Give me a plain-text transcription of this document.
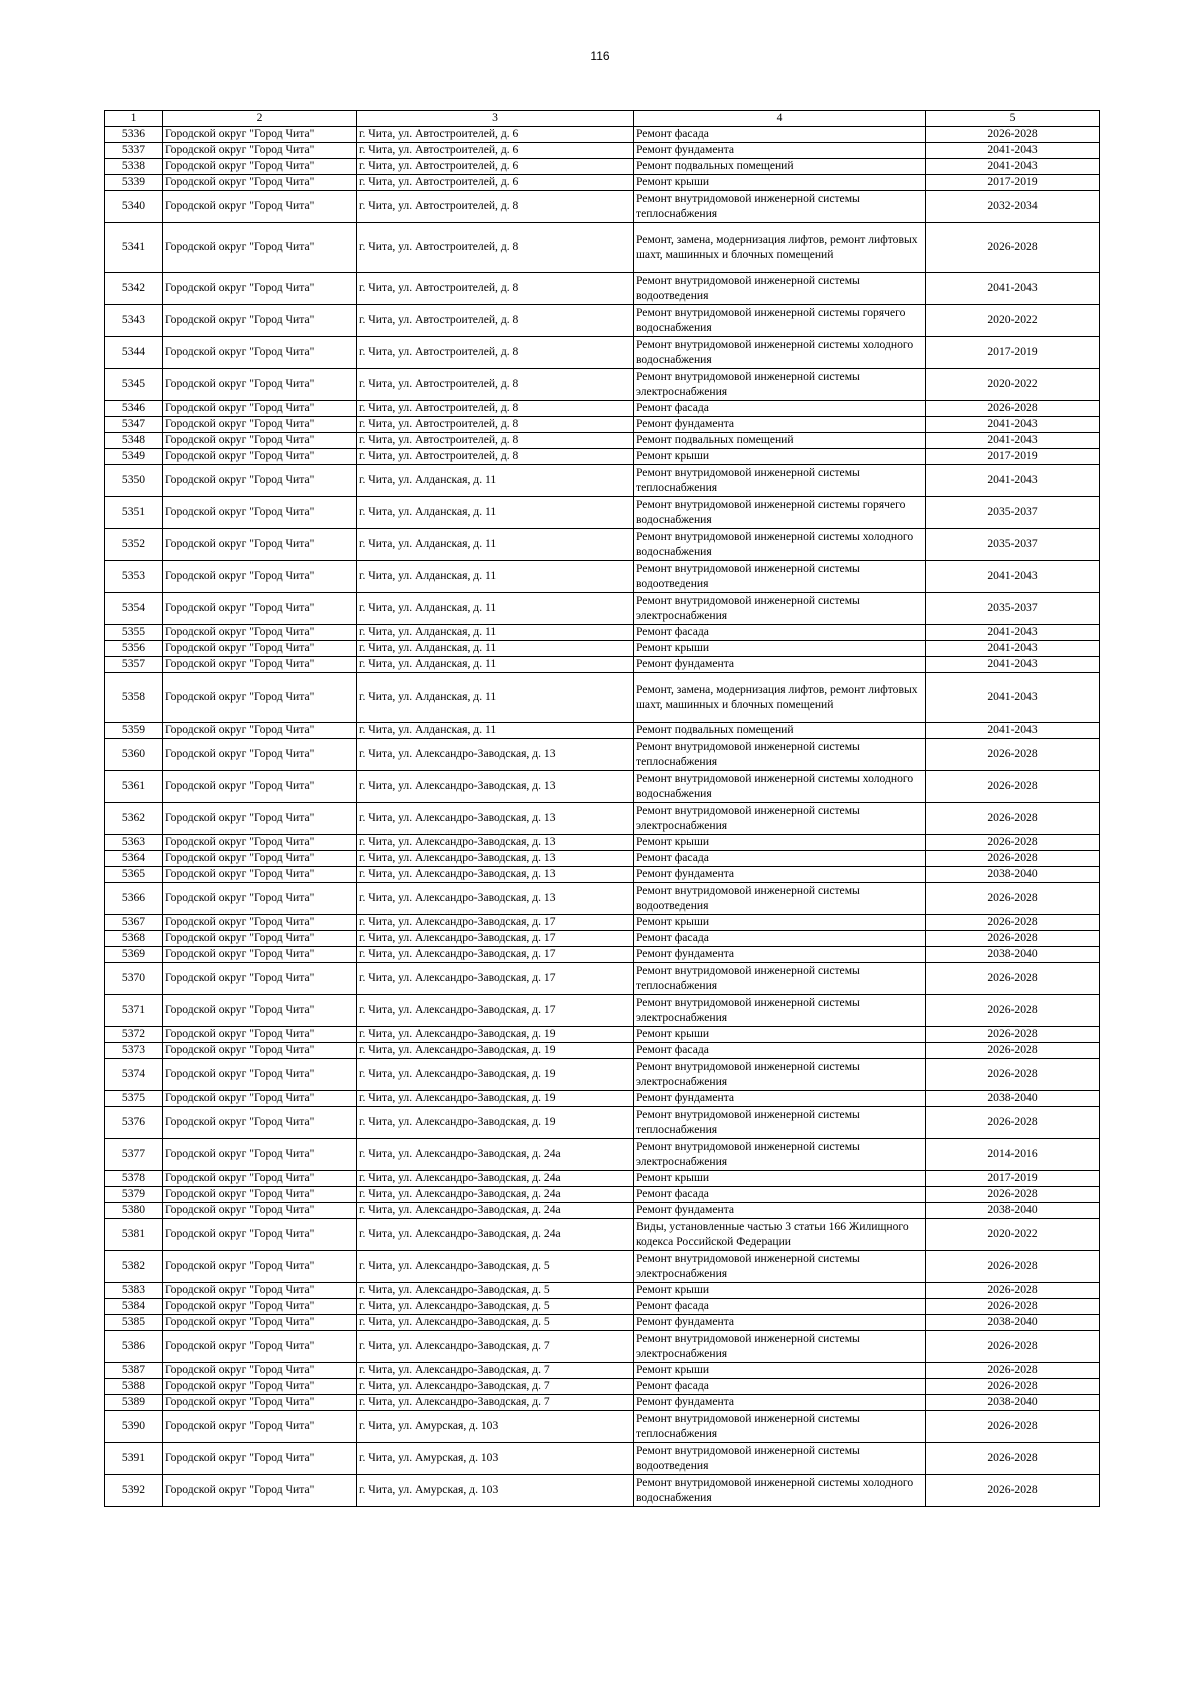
116
1	2	3	4	5
5336	Городской округ "Город Чита"	г. Чита, ул. Автостроителей, д. 6	Ремонт фасада	2026-2028
5337	Городской округ "Город Чита"	г. Чита, ул. Автостроителей, д. 6	Ремонт фундамента	2041-2043
5338	Городской округ "Город Чита"	г. Чита, ул. Автостроителей, д. 6	Ремонт подвальных помещений	2041-2043
5339	Городской округ "Город Чита"	г. Чита, ул. Автостроителей, д. 6	Ремонт крыши	2017-2019
5340	Городской округ "Город Чита"	г. Чита, ул. Автостроителей, д. 8	Ремонт внутридомовой инженерной системы теплоснабжения	2032-2034
5341	Городской округ "Город Чита"	г. Чита, ул. Автостроителей, д. 8	Ремонт, замена, модернизация лифтов, ремонт лифтовых шахт, машинных и блочных помещений	2026-2028
5342	Городской округ "Город Чита"	г. Чита, ул. Автостроителей, д. 8	Ремонт внутридомовой инженерной системы водоотведения	2041-2043
5343	Городской округ "Город Чита"	г. Чита, ул. Автостроителей, д. 8	Ремонт внутридомовой инженерной системы горячего водоснабжения	2020-2022
5344	Городской округ "Город Чита"	г. Чита, ул. Автостроителей, д. 8	Ремонт внутридомовой инженерной системы холодного водоснабжения	2017-2019
5345	Городской округ "Город Чита"	г. Чита, ул. Автостроителей, д. 8	Ремонт внутридомовой инженерной системы электроснабжения	2020-2022
5346	Городской округ "Город Чита"	г. Чита, ул. Автостроителей, д. 8	Ремонт фасада	2026-2028
5347	Городской округ "Город Чита"	г. Чита, ул. Автостроителей, д. 8	Ремонт фундамента	2041-2043
5348	Городской округ "Город Чита"	г. Чита, ул. Автостроителей, д. 8	Ремонт подвальных помещений	2041-2043
5349	Городской округ "Город Чита"	г. Чита, ул. Автостроителей, д. 8	Ремонт крыши	2017-2019
5350	Городской округ "Город Чита"	г. Чита, ул. Алданская, д. 11	Ремонт внутридомовой инженерной системы теплоснабжения	2041-2043
5351	Городской округ "Город Чита"	г. Чита, ул. Алданская, д. 11	Ремонт внутридомовой инженерной системы горячего водоснабжения	2035-2037
5352	Городской округ "Город Чита"	г. Чита, ул. Алданская, д. 11	Ремонт внутридомовой инженерной системы холодного водоснабжения	2035-2037
5353	Городской округ "Город Чита"	г. Чита, ул. Алданская, д. 11	Ремонт внутридомовой инженерной системы водоотведения	2041-2043
5354	Городской округ "Город Чита"	г. Чита, ул. Алданская, д. 11	Ремонт внутридомовой инженерной системы электроснабжения	2035-2037
5355	Городской округ "Город Чита"	г. Чита, ул. Алданская, д. 11	Ремонт фасада	2041-2043
5356	Городской округ "Город Чита"	г. Чита, ул. Алданская, д. 11	Ремонт крыши	2041-2043
5357	Городской округ "Город Чита"	г. Чита, ул. Алданская, д. 11	Ремонт фундамента	2041-2043
5358	Городской округ "Город Чита"	г. Чита, ул. Алданская, д. 11	Ремонт, замена, модернизация лифтов, ремонт лифтовых шахт, машинных и блочных помещений	2041-2043
5359	Городской округ "Город Чита"	г. Чита, ул. Алданская, д. 11	Ремонт подвальных помещений	2041-2043
5360	Городской округ "Город Чита"	г. Чита, ул. Александро-Заводская, д. 13	Ремонт внутридомовой инженерной системы теплоснабжения	2026-2028
5361	Городской округ "Город Чита"	г. Чита, ул. Александро-Заводская, д. 13	Ремонт внутридомовой инженерной системы холодного водоснабжения	2026-2028
5362	Городской округ "Город Чита"	г. Чита, ул. Александро-Заводская, д. 13	Ремонт внутридомовой инженерной системы электроснабжения	2026-2028
5363	Городской округ "Город Чита"	г. Чита, ул. Александро-Заводская, д. 13	Ремонт крыши	2026-2028
5364	Городской округ "Город Чита"	г. Чита, ул. Александро-Заводская, д. 13	Ремонт фасада	2026-2028
5365	Городской округ "Город Чита"	г. Чита, ул. Александро-Заводская, д. 13	Ремонт фундамента	2038-2040
5366	Городской округ "Город Чита"	г. Чита, ул. Александро-Заводская, д. 13	Ремонт внутридомовой инженерной системы водоотведения	2026-2028
5367	Городской округ "Город Чита"	г. Чита, ул. Александро-Заводская, д. 17	Ремонт крыши	2026-2028
5368	Городской округ "Город Чита"	г. Чита, ул. Александро-Заводская, д. 17	Ремонт фасада	2026-2028
5369	Городской округ "Город Чита"	г. Чита, ул. Александро-Заводская, д. 17	Ремонт фундамента	2038-2040
5370	Городской округ "Город Чита"	г. Чита, ул. Александро-Заводская, д. 17	Ремонт внутридомовой инженерной системы теплоснабжения	2026-2028
5371	Городской округ "Город Чита"	г. Чита, ул. Александро-Заводская, д. 17	Ремонт внутридомовой инженерной системы электроснабжения	2026-2028
5372	Городской округ "Город Чита"	г. Чита, ул. Александро-Заводская, д. 19	Ремонт крыши	2026-2028
5373	Городской округ "Город Чита"	г. Чита, ул. Александро-Заводская, д. 19	Ремонт фасада	2026-2028
5374	Городской округ "Город Чита"	г. Чита, ул. Александро-Заводская, д. 19	Ремонт внутридомовой инженерной системы электроснабжения	2026-2028
5375	Городской округ "Город Чита"	г. Чита, ул. Александро-Заводская, д. 19	Ремонт фундамента	2038-2040
5376	Городской округ "Город Чита"	г. Чита, ул. Александро-Заводская, д. 19	Ремонт внутридомовой инженерной системы теплоснабжения	2026-2028
5377	Городской округ "Город Чита"	г. Чита, ул. Александро-Заводская, д. 24а	Ремонт внутридомовой инженерной системы электроснабжения	2014-2016
5378	Городской округ "Город Чита"	г. Чита, ул. Александро-Заводская, д. 24а	Ремонт крыши	2017-2019
5379	Городской округ "Город Чита"	г. Чита, ул. Александро-Заводская, д. 24а	Ремонт фасада	2026-2028
5380	Городской округ "Город Чита"	г. Чита, ул. Александро-Заводская, д. 24а	Ремонт фундамента	2038-2040
5381	Городской округ "Город Чита"	г. Чита, ул. Александро-Заводская, д. 24а	Виды, установленные частью 3 статьи 166 Жилищного кодекса Российской Федерации	2020-2022
5382	Городской округ "Город Чита"	г. Чита, ул. Александро-Заводская, д. 5	Ремонт внутридомовой инженерной системы электроснабжения	2026-2028
5383	Городской округ "Город Чита"	г. Чита, ул. Александро-Заводская, д. 5	Ремонт крыши	2026-2028
5384	Городской округ "Город Чита"	г. Чита, ул. Александро-Заводская, д. 5	Ремонт фасада	2026-2028
5385	Городской округ "Город Чита"	г. Чита, ул. Александро-Заводская, д. 5	Ремонт фундамента	2038-2040
5386	Городской округ "Город Чита"	г. Чита, ул. Александро-Заводская, д. 7	Ремонт внутридомовой инженерной системы электроснабжения	2026-2028
5387	Городской округ "Город Чита"	г. Чита, ул. Александро-Заводская, д. 7	Ремонт крыши	2026-2028
5388	Городской округ "Город Чита"	г. Чита, ул. Александро-Заводская, д. 7	Ремонт фасада	2026-2028
5389	Городской округ "Город Чита"	г. Чита, ул. Александро-Заводская, д. 7	Ремонт фундамента	2038-2040
5390	Городской округ "Город Чита"	г. Чита, ул. Амурская, д. 103	Ремонт внутридомовой инженерной системы теплоснабжения	2026-2028
5391	Городской округ "Город Чита"	г. Чита, ул. Амурская, д. 103	Ремонт внутридомовой инженерной системы водоотведения	2026-2028
5392	Городской округ "Город Чита"	г. Чита, ул. Амурская, д. 103	Ремонт внутридомовой инженерной системы холодного водоснабжения	2026-2028
